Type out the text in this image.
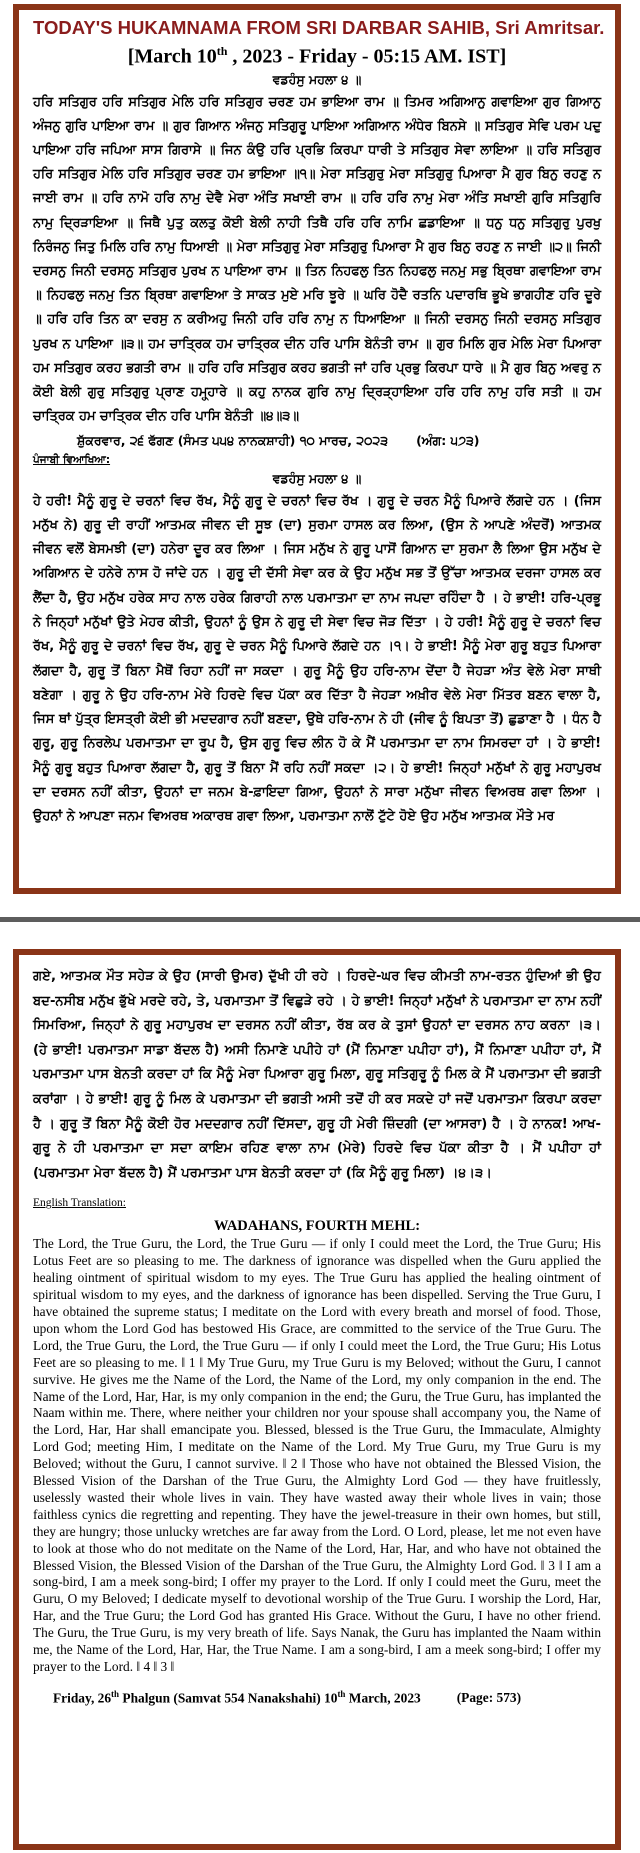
TODAY'S HUKAMNAMA FROM SRI DARBAR SAHIB, Sri Amritsar.
[March 10th , 2023 - Friday - 05:15 AM. IST]
ਵਡਹੰਸੁ ਮਹਲਾ ੪ ॥
ਹਰਿ ਸਤਿਗੁਰ ਹਰਿ ਸਤਿਗੁਰ ਮੇਲਿ ਹਰਿ ਸਤਿਗੁਰ ਚਰਣ ਹਮ ਭਾਇਆ ਰਾਮ ॥ ਤਿਮਰ ਅਗਿਆਨੁ ਗਵਾਇਆ ਗੁਰ ਗਿਆਨੁ ਅੰਜਨੁ ਗੁਰਿ ਪਾਇਆ ਰਾਮ ॥ ਗੁਰ ਗਿਆਨ ਅੰਜਨੁ ਸਤਿਗੁਰੂ ਪਾਇਆ ਅਗਿਆਨ ਅੰਧੇਰ ਬਿਨਸੇ ॥ ਸਤਿਗੁਰ ਸੇਵਿ ਪਰਮ ਪਦੁ ਪਾਇਆ ਹਰਿ ਜਪਿਆ ਸਾਸ ਗਿਰਾਸੇ ॥ ਜਿਨ ਕੰਉ ਹਰਿ ਪ੍ਰਭਿ ਕਿਰਪਾ ਧਾਰੀ ਤੇ ਸਤਿਗੁਰ ਸੇਵਾ ਲਾਇਆ ॥ ਹਰਿ ਸਤਿਗੁਰ ਹਰਿ ਸਤਿਗੁਰ ਮੇਲਿ ਹਰਿ ਸਤਿਗੁਰ ਚਰਣ ਹਮ ਭਾਇਆ ॥੧॥ ਮੇਰਾ ਸਤਿਗੁਰੁ ਮੇਰਾ ਸਤਿਗੁਰੁ ਪਿਆਰਾ ਮੈ ਗੁਰ ਬਿਨੁ ਰਹਣੁ ਨ ਜਾਈ ਰਾਮ ॥ ਹਰਿ ਨਾਮੋ ਹਰਿ ਨਾਮੁ ਦੇਵੈ ਮੇਰਾ ਅੰਤਿ ਸਖਾਈ ਰਾਮ ॥ ਹਰਿ ਹਰਿ ਨਾਮੁ ਮੇਰਾ ਅੰਤਿ ਸਖਾਈ ਗੁਰਿ ਸਤਿਗੁਰਿ ਨਾਮੁ ਦ੍ਰਿੜਾਇਆ ॥ ਜਿਥੈ ਪੁਤੁ ਕਲਤੁ ਕੋਈ ਬੇਲੀ ਨਾਹੀ ਤਿਥੈ ਹਰਿ ਹਰਿ ਨਾਮਿ ਛਡਾਇਆ ॥ ਧਨੁ ਧਨੁ ਸਤਿਗੁਰੁ ਪੁਰਖੁ ਨਿਰੰਜਨੁ ਜਿਤੁ ਮਿਲਿ ਹਰਿ ਨਾਮੁ ਧਿਆਈ ॥ ਮੇਰਾ ਸਤਿਗੁਰੁ ਮੇਰਾ ਸਤਿਗੁਰੁ ਪਿਆਰਾ ਮੈ ਗੁਰ ਬਿਨੁ ਰਹਣੁ ਨ ਜਾਈ ॥੨॥ ਜਿਨੀ ਦਰਸਨੁ ਜਿਨੀ ਦਰਸਨੁ ਸਤਿਗੁਰ ਪੁਰਖ ਨ ਪਾਇਆ ਰਾਮ ॥ ਤਿਨ ਨਿਹਫਲੁ ਤਿਨ ਨਿਹਫਲੁ ਜਨਮੁ ਸਭੁ ਬ੍ਰਿਥਾ ਗਵਾਇਆ ਰਾਮ ॥ ਨਿਹਫਲੁ ਜਨਮੁ ਤਿਨ ਬ੍ਰਿਥਾ ਗਵਾਇਆ ਤੇ ਸਾਕਤ ਮੁਏ ਮਰਿ ਝੂਰੇ ॥ ਘਰਿ ਹੋਦੈ ਰਤਨਿ ਪਦਾਰਥਿ ਭੂਖੇ ਭਾਗਹੀਣ ਹਰਿ ਦੂਰੇ ॥ ਹਰਿ ਹਰਿ ਤਿਨ ਕਾ ਦਰਸੁ ਨ ਕਰੀਅਹੁ ਜਿਨੀ ਹਰਿ ਹਰਿ ਨਾਮੁ ਨ ਧਿਆਇਆ ॥ ਜਿਨੀ ਦਰਸਨੁ ਜਿਨੀ ਦਰਸਨੁ ਸਤਿਗੁਰ ਪੁਰਖ ਨ ਪਾਇਆ ॥੩॥ ਹਮ ਚਾਤ੍ਰਿਕ ਹਮ ਚਾਤ੍ਰਿਕ ਦੀਨ ਹਰਿ ਪਾਸਿ ਬੇਨੰਤੀ ਰਾਮ ॥ ਗੁਰ ਮਿਲਿ ਗੁਰ ਮੇਲਿ ਮੇਰਾ ਪਿਆਰਾ ਹਮ ਸਤਿਗੁਰ ਕਰਹ ਭਗਤੀ ਰਾਮ ॥ ਹਰਿ ਹਰਿ ਸਤਿਗੁਰ ਕਰਹ ਭਗਤੀ ਜਾਂ ਹਰਿ ਪ੍ਰਭੁ ਕਿਰਪਾ ਧਾਰੇ ॥ ਮੈ ਗੁਰ ਬਿਨੁ ਅਵਰੁ ਨ ਕੋਈ ਬੇਲੀ ਗੁਰੁ ਸਤਿਗੁਰੁ ਪ੍ਰਾਣ ਹਮ੍ਹ੍ਹਾਰੇ ॥ ਕਹੁ ਨਾਨਕ ਗੁਰਿ ਨਾਮੁ ਦ੍ਰਿੜ੍ਹਾਇਆ ਹਰਿ ਹਰਿ ਨਾਮੁ ਹਰਿ ਸਤੀ ॥ ਹਮ ਚਾਤ੍ਰਿਕ ਹਮ ਚਾਤ੍ਰਿਕ ਦੀਨ ਹਰਿ ਪਾਸਿ ਬੇਨੰਤੀ ॥੪॥੩॥
ਸ਼ੁੱਕਰਵਾਰ, ੨੬ ਫੱਗਣ (ਸੰਮਤ ੫੫੪ ਨਾਨਕਸ਼ਾਹੀ) ੧੦ ਮਾਰਚ, ੨੦੨੩ (ਅੰਗ: ੫੭੩)
ਪੰਜਾਬੀ ਵਿਆਖਿਆ:
ਵਡਹੰਸੁ ਮਹਲਾ ੪ ॥
ਹੇ ਹਰੀ! ਮੈਨੂੰ ਗੁਰੂ ਦੇ ਚਰਨਾਂ ਵਿਚ ਰੱਖ, ਮੈਨੂੰ ਗੁਰੂ ਦੇ ਚਰਨਾਂ ਵਿਚ ਰੱਖ । ਗੁਰੂ ਦੇ ਚਰਨ ਮੈਨੂੰ ਪਿਆਰੇ ਲੱਗਦੇ ਹਨ । (ਜਿਸ ਮਨੁੱਖ ਨੇ) ਗੁਰੂ ਦੀ ਰਾਹੀਂ ਆਤਮਕ ਜੀਵਨ ਦੀ ਸੂਝ (ਦਾ) ਸੁਰਮਾ ਹਾਸਲ ਕਰ ਲਿਆ, (ਉਸ ਨੇ ਆਪਣੇ ਅੰਦਰੋਂ) ਆਤਮਕ ਜੀਵਨ ਵਲੋਂ ਬੇਸਮਝੀ (ਦਾ) ਹਨੇਰਾ ਦੂਰ ਕਰ ਲਿਆ । ਜਿਸ ਮਨੁੱਖ ਨੇ ਗੁਰੂ ਪਾਸੋਂ ਗਿਆਨ ਦਾ ਸੁਰਮਾ ਲੈ ਲਿਆ ਉਸ ਮਨੁੱਖ ਦੇ ਅਗਿਆਨ ਦੇ ਹਨੇਰੇ ਨਾਸ ਹੋ ਜਾਂਦੇ ਹਨ । ਗੁਰੂ ਦੀ ਦੱਸੀ ਸੇਵਾ ਕਰ ਕੇ ਉਹ ਮਨੁੱਖ ਸਭ ਤੋਂ ਉੱਚਾ ਆਤਮਕ ਦਰਜਾ ਹਾਸਲ ਕਰ ਲੈਂਦਾ ਹੈ, ਉਹ ਮਨੁੱਖ ਹਰੇਕ ਸਾਹ ਨਾਲ ਹਰੇਕ ਗਿਰਾਹੀ ਨਾਲ ਪਰਮਾਤਮਾ ਦਾ ਨਾਮ ਜਪਦਾ ਰਹਿੰਦਾ ਹੈ । ਹੇ ਭਾਈ! ਹਰਿ-ਪ੍ਰਭੂ ਨੇ ਜਿਨ੍ਹਾਂ ਮਨੁੱਖਾਂ ਉਤੇ ਮੇਹਰ ਕੀਤੀ, ਉਹਨਾਂ ਨੂੰ ਉਸ ਨੇ ਗੁਰੂ ਦੀ ਸੇਵਾ ਵਿਚ ਜੋੜ ਦਿੱਤਾ । ਹੇ ਹਰੀ! ਮੈਨੂੰ ਗੁਰੂ ਦੇ ਚਰਨਾਂ ਵਿਚ ਰੱਖ, ਮੈਨੂੰ ਗੁਰੂ ਦੇ ਚਰਨਾਂ ਵਿਚ ਰੱਖ, ਗੁਰੂ ਦੇ ਚਰਨ ਮੈਨੂੰ ਪਿਆਰੇ ਲੱਗਦੇ ਹਨ ।੧। ਹੇ ਭਾਈ! ਮੈਨੂੰ ਮੇਰਾ ਗੁਰੂ ਬਹੁਤ ਪਿਆਰਾ ਲੱਗਦਾ ਹੈ, ਗੁਰੂ ਤੋਂ ਬਿਨਾ ਮੈਥੋਂ ਰਿਹਾ ਨਹੀਂ ਜਾ ਸਕਦਾ । ਗੁਰੂ ਮੈਨੂੰ ਉਹ ਹਰਿ-ਨਾਮ ਦੇਂਦਾ ਹੈ ਜੇਹੜਾ ਅੰਤ ਵੇਲੇ ਮੇਰਾ ਸਾਥੀ ਬਣੇਗਾ । ਗੁਰੂ ਨੇ ਉਹ ਹਰਿ-ਨਾਮ ਮੇਰੇ ਹਿਰਦੇ ਵਿਚ ਪੱਕਾ ਕਰ ਦਿੱਤਾ ਹੈ ਜੇਹੜਾ ਅਖ਼ੀਰ ਵੇਲੇ ਮੇਰਾ ਮਿੱਤਰ ਬਣਨ ਵਾਲਾ ਹੈ, ਜਿਸ ਥਾਂ ਪੁੱਤ੍ਰ ਇਸਤ੍ਰੀ ਕੋਈ ਭੀ ਮਦਦਗਾਰ ਨਹੀਂ ਬਣਦਾ, ਉਥੇ ਹਰਿ-ਨਾਮ ਨੇ ਹੀ (ਜੀਵ ਨੂੰ ਬਿਪਤਾ ਤੋਂ) ਛੁਡਾਣਾ ਹੈ । ਧੰਨ ਹੈ ਗੁਰੂ, ਗੁਰੂ ਨਿਰਲੇਪ ਪਰਮਾਤਮਾ ਦਾ ਰੂਪ ਹੈ, ਉਸ ਗੁਰੂ ਵਿਚ ਲੀਨ ਹੋ ਕੇ ਮੈਂ ਪਰਮਾਤਮਾ ਦਾ ਨਾਮ ਸਿਮਰਦਾ ਹਾਂ । ਹੇ ਭਾਈ! ਮੈਨੂੰ ਗੁਰੂ ਬਹੁਤ ਪਿਆਰਾ ਲੱਗਦਾ ਹੈ, ਗੁਰੂ ਤੋਂ ਬਿਨਾ ਮੈਂ ਰਹਿ ਨਹੀਂ ਸਕਦਾ ।੨। ਹੇ ਭਾਈ! ਜਿਨ੍ਹਾਂ ਮਨੁੱਖਾਂ ਨੇ ਗੁਰੂ ਮਹਾਪੁਰਖ ਦਾ ਦਰਸਨ ਨਹੀਂ ਕੀਤਾ, ਉਹਨਾਂ ਦਾ ਜਨਮ ਬੇ-ਫ਼ਾਇਦਾ ਗਿਆ, ਉਹਨਾਂ ਨੇ ਸਾਰਾ ਮਨੁੱਖਾ ਜੀਵਨ ਵਿਅਰਥ ਗਵਾ ਲਿਆ । ਉਹਨਾਂ ਨੇ ਆਪਣਾ ਜਨਮ ਵਿਅਰਥ ਅਕਾਰਥ ਗਵਾ ਲਿਆ, ਪਰਮਾਤਮਾ ਨਾਲੋਂ ਟੁੱਟੇ ਹੋਏ ਉਹ ਮਨੁੱਖ ਆਤਮਕ ਮੌਤੇ ਮਰ
ਗਏ, ਆਤਮਕ ਮੌਤ ਸਹੇੜ ਕੇ ਉਹ (ਸਾਰੀ ਉਮਰ) ਦੁੱਖੀ ਹੀ ਰਹੇ । ਹਿਰਦੇ-ਘਰ ਵਿਚ ਕੀਮਤੀ ਨਾਮ-ਰਤਨ ਹੁੰਦਿਆਂ ਭੀ ਉਹ ਬਦ-ਨਸੀਬ ਮਨੁੱਖ ਭੁੱਖੇ ਮਰਦੇ ਰਹੇ, ਤੇ, ਪਰਮਾਤਮਾ ਤੋਂ ਵਿਛੁੜੇ ਰਹੇ । ਹੇ ਭਾਈ! ਜਿਨ੍ਹਾਂ ਮਨੁੱਖਾਂ ਨੇ ਪਰਮਾਤਮਾ ਦਾ ਨਾਮ ਨਹੀਂ ਸਿਮਰਿਆ, ਜਿਨ੍ਹਾਂ ਨੇ ਗੁਰੂ ਮਹਾਪੁਰਖ ਦਾ ਦਰਸਨ ਨਹੀਂ ਕੀਤਾ, ਰੱਬ ਕਰ ਕੇ ਤੁਸਾਂ ਉਹਨਾਂ ਦਾ ਦਰਸਨ ਨਾਹ ਕਰਨਾ ।੩। (ਹੇ ਭਾਈ! ਪਰਮਾਤਮਾ ਸਾਡਾ ਬੱਦਲ ਹੈ) ਅਸੀ ਨਿਮਾਣੇ ਪਪੀਹੇ ਹਾਂ (ਮੈਂ ਨਿਮਾਣਾ ਪਪੀਹਾ ਹਾਂ), ਮੈਂ ਨਿਮਾਣਾ ਪਪੀਹਾ ਹਾਂ, ਮੈਂ ਪਰਮਾਤਮਾ ਪਾਸ ਬੇਨਤੀ ਕਰਦਾ ਹਾਂ ਕਿ ਮੈਨੂੰ ਮੇਰਾ ਪਿਆਰਾ ਗੁਰੂ ਮਿਲਾ, ਗੁਰੂ ਸਤਿਗੁਰੂ ਨੂੰ ਮਿਲ ਕੇ ਮੈਂ ਪਰਮਾਤਮਾ ਦੀ ਭਗਤੀ ਕਰਾਂਗਾ । ਹੇ ਭਾਈ! ਗੁਰੂ ਨੂੰ ਮਿਲ ਕੇ ਪਰਮਾਤਮਾ ਦੀ ਭਗਤੀ ਅਸੀ ਤਦੋਂ ਹੀ ਕਰ ਸਕਦੇ ਹਾਂ ਜਦੋਂ ਪਰਮਾਤਮਾ ਕਿਰਪਾ ਕਰਦਾ ਹੈ । ਗੁਰੂ ਤੋਂ ਬਿਨਾ ਮੈਨੂੰ ਕੋਈ ਹੋਰ ਮਦਦਗਾਰ ਨਹੀਂ ਦਿੱਸਦਾ, ਗੁਰੂ ਹੀ ਮੇਰੀ ਜ਼ਿੰਦਗੀ (ਦਾ ਆਸਰਾ) ਹੈ । ਹੇ ਨਾਨਕ! ਆਖ-ਗੁਰੂ ਨੇ ਹੀ ਪਰਮਾਤਮਾ ਦਾ ਸਦਾ ਕਾਇਮ ਰਹਿਣ ਵਾਲਾ ਨਾਮ (ਮੇਰੇ) ਹਿਰਦੇ ਵਿਚ ਪੱਕਾ ਕੀਤਾ ਹੈ । ਮੈਂ ਪਪੀਹਾ ਹਾਂ (ਪਰਮਾਤਮਾ ਮੇਰਾ ਬੱਦਲ ਹੈ) ਮੈਂ ਪਰਮਾਤਮਾ ਪਾਸ ਬੇਨਤੀ ਕਰਦਾ ਹਾਂ (ਕਿ ਮੈਨੂੰ ਗੁਰੂ ਮਿਲਾ) ।੪।੩।
English Translation:
WADAHANS, FOURTH MEHL:
The Lord, the True Guru, the Lord, the True Guru — if only I could meet the Lord, the True Guru; His Lotus Feet are so pleasing to me. The darkness of ignorance was dispelled when the Guru applied the healing ointment of spiritual wisdom to my eyes. The True Guru has applied the healing ointment of spiritual wisdom to my eyes, and the darkness of ignorance has been dispelled. Serving the True Guru, I have obtained the supreme status; I meditate on the Lord with every breath and morsel of food. Those, upon whom the Lord God has bestowed His Grace, are committed to the service of the True Guru. The Lord, the True Guru, the Lord, the True Guru — if only I could meet the Lord, the True Guru; His Lotus Feet are so pleasing to me. ‖ 1 ‖ My True Guru, my True Guru is my Beloved; without the Guru, I cannot survive. He gives me the Name of the Lord, the Name of the Lord, my only companion in the end. The Name of the Lord, Har, Har, is my only companion in the end; the Guru, the True Guru, has implanted the Naam within me. There, where neither your children nor your spouse shall accompany you, the Name of the Lord, Har, Har shall emancipate you. Blessed, blessed is the True Guru, the Immaculate, Almighty Lord God; meeting Him, I meditate on the Name of the Lord. My True Guru, my True Guru is my Beloved; without the Guru, I cannot survive. ‖ 2 ‖ Those who have not obtained the Blessed Vision, the Blessed Vision of the Darshan of the True Guru, the Almighty Lord God — they have fruitlessly, uselessly wasted their whole lives in vain. They have wasted away their whole lives in vain; those faithless cynics die regretting and repenting. They have the jewel-treasure in their own homes, but still, they are hungry; those unlucky wretches are far away from the Lord. O Lord, please, let me not even have to look at those who do not meditate on the Name of the Lord, Har, Har, and who have not obtained the Blessed Vision, the Blessed Vision of the Darshan of the True Guru, the Almighty Lord God. ‖ 3 ‖ I am a song-bird, I am a meek song-bird; I offer my prayer to the Lord. If only I could meet the Guru, meet the Guru, O my Beloved; I dedicate myself to devotional worship of the True Guru. I worship the Lord, Har, Har, and the True Guru; the Lord God has granted His Grace. Without the Guru, I have no other friend. The Guru, the True Guru, is my very breath of life. Says Nanak, the Guru has implanted the Naam within me, the Name of the Lord, Har, Har, the True Name. I am a song-bird, I am a meek song-bird; I offer my prayer to the Lord. ‖ 4 ‖ 3 ‖
Friday, 26th Phalgun (Samvat 554 Nanakshahi) 10th March, 2023	(Page: 573)
